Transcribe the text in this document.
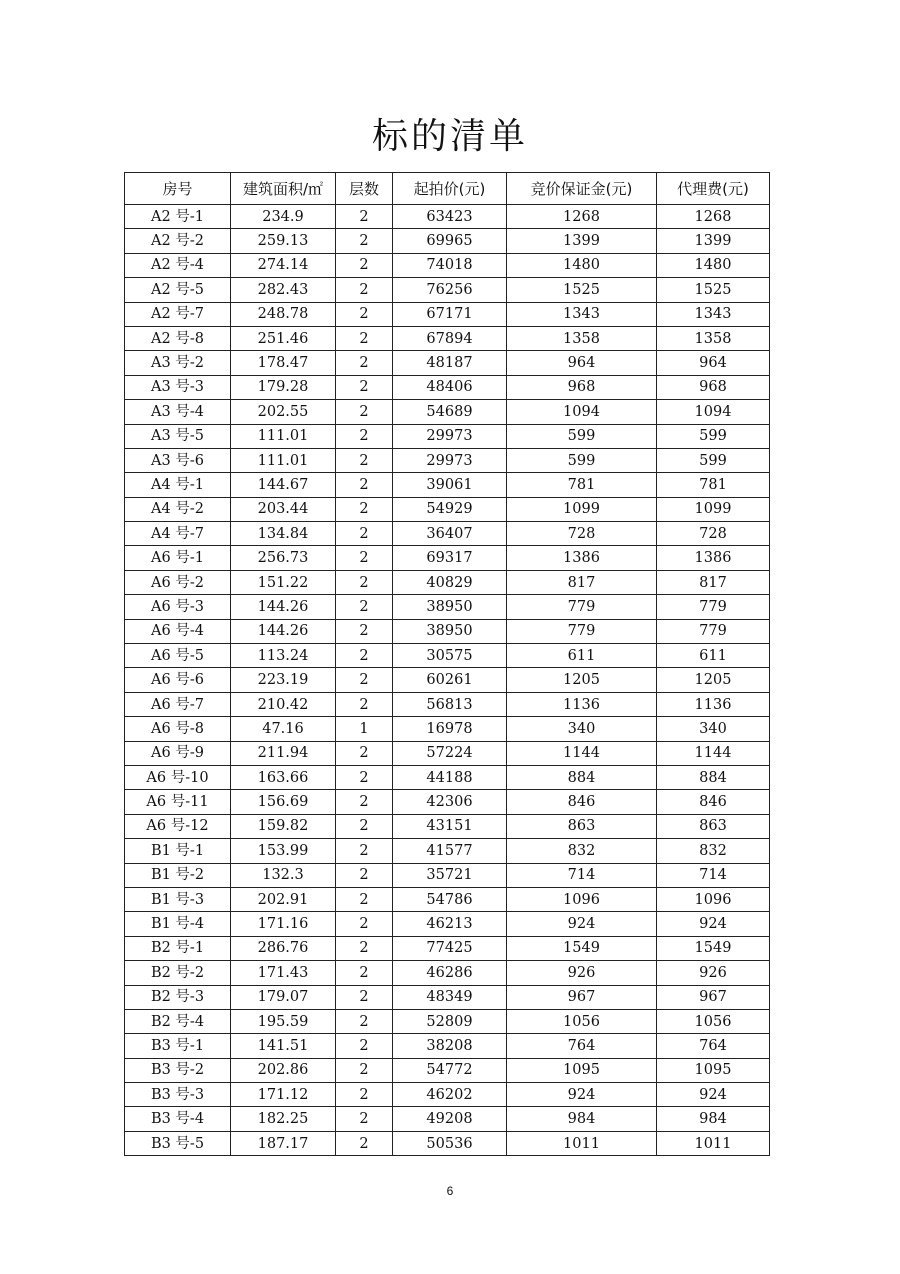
标的清单
房号	建筑面积/㎡	层数	起拍价(元)	竞价保证金(元)	代理费(元)
A2 号-1	234.9	2	63423	1268	1268
A2 号-2	259.13	2	69965	1399	1399
A2 号-4	274.14	2	74018	1480	1480
A2 号-5	282.43	2	76256	1525	1525
A2 号-7	248.78	2	67171	1343	1343
A2 号-8	251.46	2	67894	1358	1358
A3 号-2	178.47	2	48187	964	964
A3 号-3	179.28	2	48406	968	968
A3 号-4	202.55	2	54689	1094	1094
A3 号-5	111.01	2	29973	599	599
A3 号-6	111.01	2	29973	599	599
A4 号-1	144.67	2	39061	781	781
A4 号-2	203.44	2	54929	1099	1099
A4 号-7	134.84	2	36407	728	728
A6 号-1	256.73	2	69317	1386	1386
A6 号-2	151.22	2	40829	817	817
A6 号-3	144.26	2	38950	779	779
A6 号-4	144.26	2	38950	779	779
A6 号-5	113.24	2	30575	611	611
A6 号-6	223.19	2	60261	1205	1205
A6 号-7	210.42	2	56813	1136	1136
A6 号-8	47.16	1	16978	340	340
A6 号-9	211.94	2	57224	1144	1144
A6 号-10	163.66	2	44188	884	884
A6 号-11	156.69	2	42306	846	846
A6 号-12	159.82	2	43151	863	863
B1 号-1	153.99	2	41577	832	832
B1 号-2	132.3	2	35721	714	714
B1 号-3	202.91	2	54786	1096	1096
B1 号-4	171.16	2	46213	924	924
B2 号-1	286.76	2	77425	1549	1549
B2 号-2	171.43	2	46286	926	926
B2 号-3	179.07	2	48349	967	967
B2 号-4	195.59	2	52809	1056	1056
B3 号-1	141.51	2	38208	764	764
B3 号-2	202.86	2	54772	1095	1095
B3 号-3	171.12	2	46202	924	924
B3 号-4	182.25	2	49208	984	984
B3 号-5	187.17	2	50536	1011	1011
6
